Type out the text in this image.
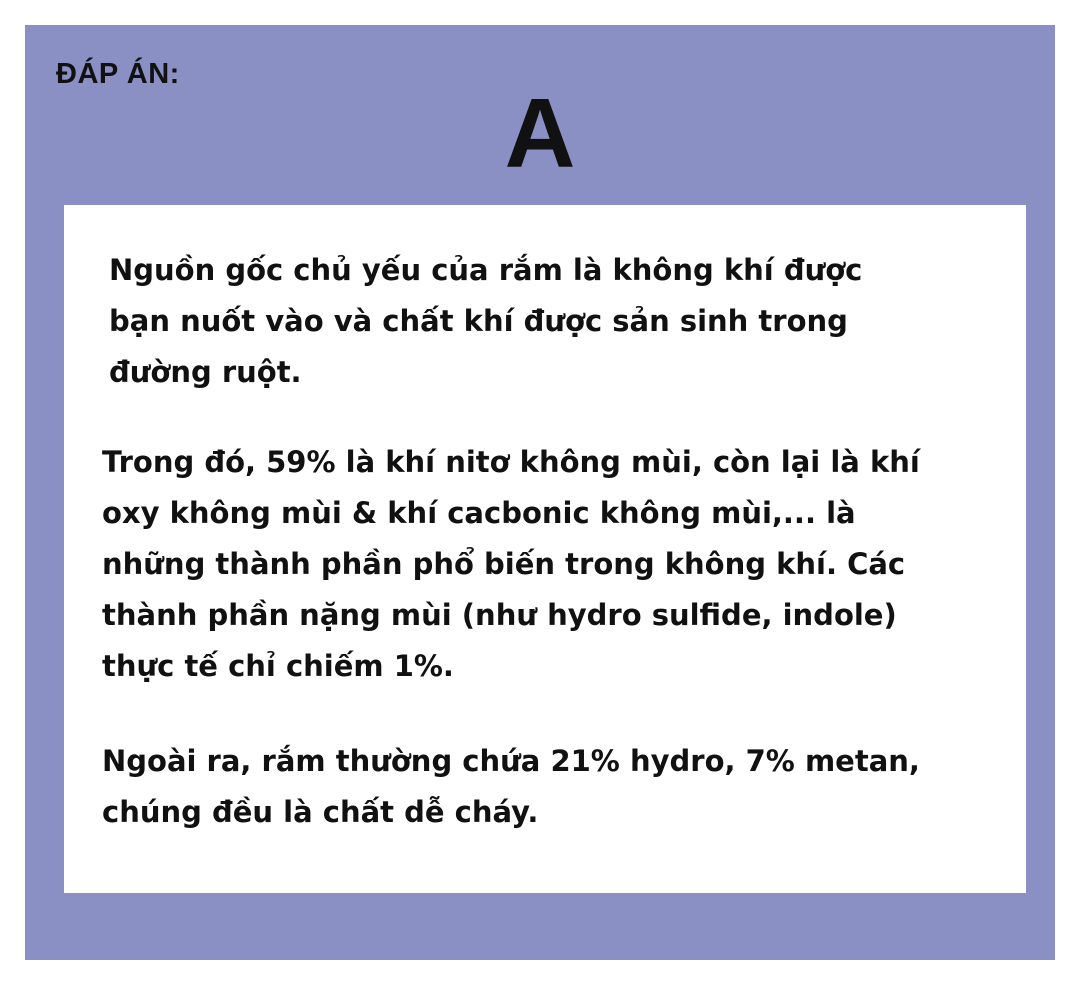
ĐÁP ÁN:
A

Nguồn gốc chủ yếu của rắm là không khí được
bạn nuốt vào và chất khí được sản sinh trong
đường ruột.

Trong đó, 59% là khí nitơ không mùi, còn lại là khí
oxy không mùi & khí cacbonic không mùi,... là
những thành phần phổ biến trong không khí. Các
thành phần nặng mùi (như hydro sulfide, indole)
thực tế chỉ chiếm 1%.

Ngoài ra, rắm thường chứa 21% hydro, 7% metan,
chúng đều là chất dễ cháy.
